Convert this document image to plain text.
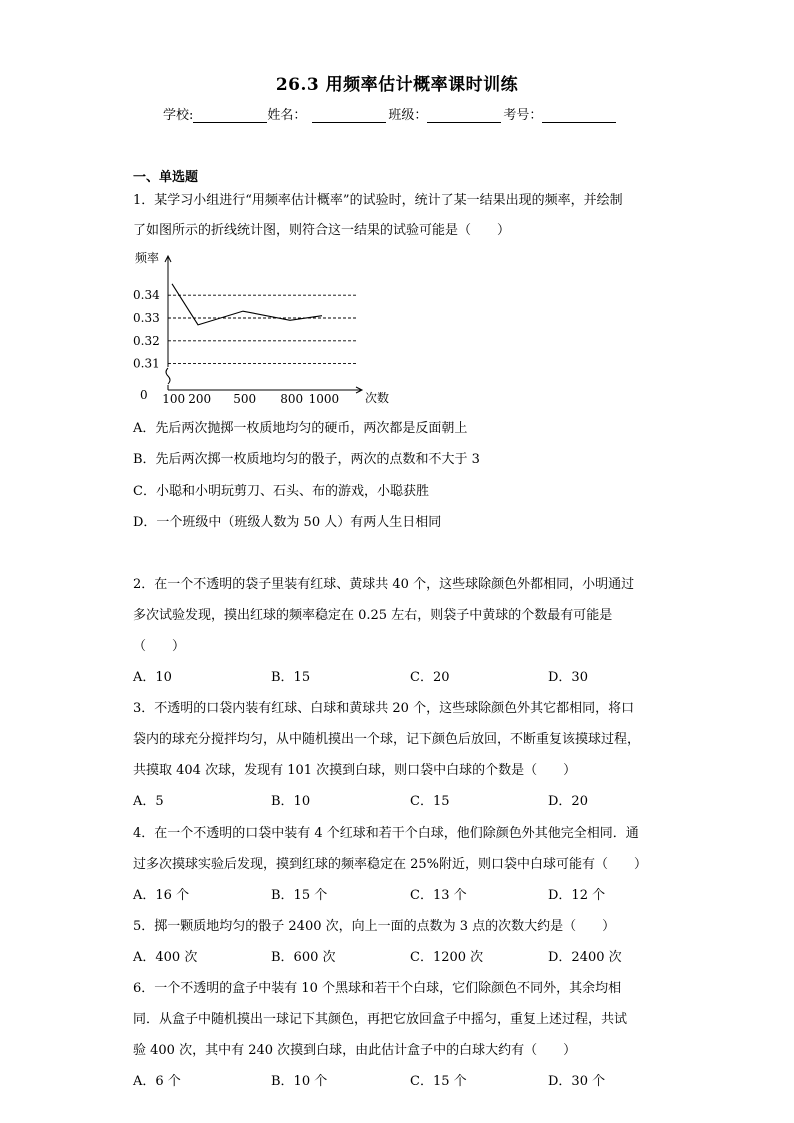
26.3 用频率估计概率课时训练
学校:	姓名：	班级：	考号：
一、单选题
1．某学习小组进行“用频率估计概率”的试验时，统计了某一结果出现的频率，并绘制
了如图所示的折线统计图，则符合这一结果的试验可能是（　　）
频率
0	次数
0.31
0.32
0.33
0.34
100 200 500 800 1000
2．在一个不透明的袋子里装有红球、黄球共 40 个，这些球除颜色外都相同，小明通过
多次试验发现，摸出红球的频率稳定在 0.25 左右，则袋子中黄球的个数最有可能是
（　　）
3．不透明的口袋内装有红球、白球和黄球共 20 个，这些球除颜色外其它都相同，将口
袋内的球充分搅拌均匀，从中随机摸出一个球，记下颜色后放回，不断重复该摸球过程，
共摸取 404 次球，发现有 101 次摸到白球，则口袋中白球的个数是（　　）
4．在一个不透明的口袋中装有 4 个红球和若干个白球，他们除颜色外其他完全相同．通
过多次摸球实验后发现，摸到红球的频率稳定在 25%附近，则口袋中白球可能有（　　）
5．掷一颗质地均匀的骰子 2400 次，向上一面的点数为 3 点的次数大约是（　　）
6．一个不透明的盒子中装有 10 个黑球和若干个白球，它们除颜色不同外，其余均相
同．从盒子中随机摸出一球记下其颜色，再把它放回盒子中摇匀，重复上述过程，共试
验 400 次，其中有 240 次摸到白球，由此估计盒子中的白球大约有（　　）
A．10	B．15	C．20	D．30
A．5	B．10	C．15	D．20
A．16 个	B．15 个	C．13 个	D．12 个
A．400 次	B．600 次	C．1200 次	D．2400 次
A．6 个	B．10 个	C．15 个	D．30 个
A．先后两次抛掷一枚质地均匀的硬币，两次都是反面朝上
B．先后两次掷一枚质地均匀的骰子，两次的点数和不大于 3
C．小聪和小明玩剪刀、石头、布的游戏，小聪获胜
D．一个班级中（班级人数为 50 人）有两人生日相同
